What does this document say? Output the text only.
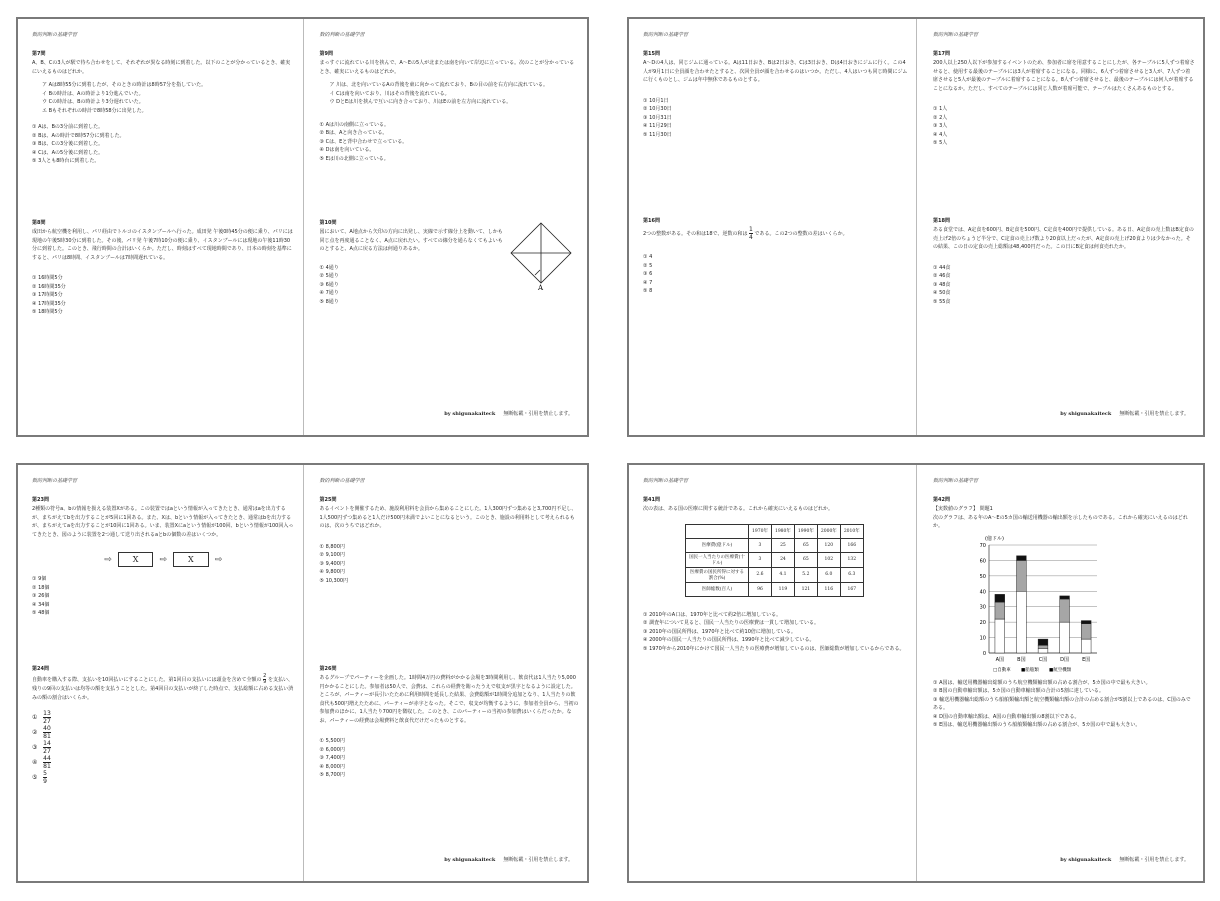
数的判断の基礎学習
第7問
A、B、Cの3人が駅で待ち合わせをして、それぞれが異なる時刻に到着した。以下のことが分かっているとき、確実にいえるものはどれか。
ア Aは8時55分に到着したが、そのときの時計は8時57分を指していた。
イ Bの時計は、Aの時計より1分進んでいた。
ウ Cの時計は、Bの時計より3分遅れていた。
エ Bもそれぞれの時計で8時58分に出発した。
① Aは、Bの3分前に到着した。
② Bは、Aの時計で8時57分に到着した。
③ Bは、Cの3分後に到着した。
④ Cは、Aの5分後に到着した。
⑤ 3人とも8時台に到着した。
第8問
成田から航空機を利用し、パリ経由でトルコのイスタンブールへ行った。成田発 午後0時45分の便に乗り、パリには現地の午後5時30分に到着した。その後、パリ発 午後7時10分の便に乗り、イスタンブールには現地の午後11時30分に到着した。このとき、飛行時間の合計はいくらか。ただし、時刻はすべて現地時間であり、日本の時刻を基準にすると、パリは8時間、イスタンブールは7時間遅れている。
① 16時間5分
② 16時間35分
③ 17時間5分
④ 17時間35分
⑤ 18時間5分
数的判断の基礎学習
第9問
まっすぐに流れている川を挟んで、A〜Eの5人が北または南を向いて岸辺に立っている。次のことが分かっているとき、確実にいえるものはどれか。
ア 川は、北を向いているAの背後を東に向かって流れており、Bの目の前を右方向に流れている。
イ Cは南を向いており、川はその背後を流れている。
ウ DとEは川を挟んで互いに向き合っており、川はEの前を左方向に流れている。
① Aは川の南側に立っている。
② Bは、Aと向き合っている。
③ Cは、Eと背中合わせで立っている。
④ Dは南を向いている。
⑤ Eは川の北側に立っている。
第10問
図において、A地点から矢印の方向に出発し、実線で示す線分上を動いて、しかも同じ点を再度通ることなく、A点に戻れたい。すべての線分を通らなくてもよいものとすると、A点に戻る方法は何通りあるか。
① 4通り
② 5通り
③ 6通り
④ 7通り
⑤ 8通り
A
by shigunakaiteck 無断転載・引用を禁止します。
数的判断の基礎学習
第15問
A〜Dの4人は、同じジムに通っている。Aは11日おき、Bは2日おき、Cは3日おき、Dは4日おきにジムに行く。この4人が9月1日に全員顔を合わせたとすると、次回全員が顔を合わせるのはいつか。ただし、4人はいつも同じ時間にジムに行くものとし、ジムは年中無休であるものとする。
① 10月1日
② 10月30日
③ 10月31日
④ 11月29日
⑤ 11月30日
第16問
2つの整数がある。その和は18で、逆数の和は $\frac{1}{4}$ である。この2つの整数の差はいくらか。
① 4
② 5
③ 6
④ 7
⑤ 8
数的判断の基礎学習
第17問
200人以上250人以下が参加するイベントのため、参加者に席を用意することにしたが、各テーブルに5人ずつ着席させると、使用する最後のテーブルには3人が着席することになる。同様に、6人ずつ着席させると3人が、7人ずつ着席させると5人が最後のテーブルに着席することになる。8人ずつ着席させると、最後のテーブルには何人が着席することになるか。ただし、すべてのテーブルには同じ人数が着席可能で、テーブルはたくさんあるものとする。
① 1人
② 2人
③ 3人
④ 4人
⑤ 5人
第18問
ある食堂では、A定食を600円、B定食を500円、C定食を400円で提供している。ある日、A定食の売上数はB定食の売上げ2倍のちょうど半分で、C定食の売上げ数より20食以上だったが、A定食の売上げ20食よりは少なかった。その結果、この日の定食の売上総額は48,400円だった。この日にB定食は何食売れたか。
① 44食
② 46食
③ 48食
④ 50食
⑤ 55食
by shigunakaiteck 無断転載・引用を禁止します。
数的判断の基礎学習
第23問
2種類の符号a、bの情報を扱える装置Xがある。この装置ではaという情報が入ってきたとき、通常はaを出力するが、まちがえてbを出力することが5回に1回ある。また、Xは、bという情報が入ってきたとき、通常はbを出力するが、まちがえてaを出力することが10回に1回ある。いま、装置Xにaという情報が100回、bという情報が100回入ってきたとき、図のように装置を2つ通して送り出されるaとbの個数の差はいくつか。
⇨	X ⇨	X ⇨
① 9個
② 18個
③ 26個
④ 34個
⑤ 48個
第24問
自動車を購入する際、支払いを10回払いにすることにした。第1回目の支払いには頭金を含めて全額の $\frac{2}{9}$ を支払い、残りの9回の支払いは均等の額を支払うこととした。第4回目の支払いが終了した時点で、支払総額に占める支払い済みの額の割合はいくらか。
① $\frac{13}{27}$
② $\frac{40}{81}$
③ $\frac{14}{27}$
④ $\frac{44}{81}$
⑤ $\frac{5}{9}$
数的判断の基礎学習
第25問
あるイベントを開催するため、施設利用料を会員から集めることにした。1人300円ずつ集めると3,700円不足し、1人500円ずつ集めると1人だけ500円未満でよいことになるという。このとき、施設の利用料として考えられるものは、次のうちではどれか。
① 8,800円
② 9,100円
③ 9,400円
④ 9,800円
⑤ 10,300円
第26問
あるグループでパーティーを企画した。1時間4万円の費料がかかる会場を3時間利用し、飲食代は1人当たり5,000円かかることにした。参加者は50人で、会費は、これらの経費を賄ったうえで収支が黒字となるように設定した。ところが、パーティーが長引いたために利用時間を延長した結果、会費総額が1時間分追加となり、1人当たりの飲食代も500円増えたために、パーティーが赤字となった。そこで、収支が均衡するように、参加者全員から、当初の参加費のほかに、1人当たり700円を徴収した。このとき、このパーティーの当初の参加費はいくらだったか。なお、パーティーの経費は会場費料と飲食代だけだったものとする。
① 5,500円
② 6,000円
③ 7,400円
④ 8,000円
⑤ 8,700円
by shigunakaiteck 無断転載・引用を禁止します。
数的判断の基礎学習
第41問
次の表は、ある国の医療に関する統計である。これから確実にいえるものはどれか。
	1970年	1980年	1990年	2000年	2010年
医療費(億ドル)	3	25	65	120	166
国民一人当たりの医療費(十ドル)	3	24	65	102	132
医療費の国民所得に対する割合(%)	2.6	4.1	5.2	6.0	6.3
医師総数(百人)	96	119	121	116	167
① 2010年のA口は、1970年と比べて約2倍に増加している。
② 調査年について見ると、国民一人当たりの医療費は一貫して増加している。
③ 2010年の国民所得は、1970年と比べて約10倍に増加している。
④ 2000年の国民一人当たりの国民所得は、1990年と比べて減少している。
⑤ 1970年から2010年にかけて国民一人当たりの医療費が増加しているのは、医師総数が増加しているからである。
数的判断の基礎学習
第42問
【実数値のグラフ】 問題1
次のグラフは、ある年のA〜Eの5カ国の輸送用機器の輸出額を示したものである。これから確実にいえるのはどれか。
(億ドル)
0
10
20
30
40
50
60
70
A国	B国	C国	D国	E国
□自動車 ■船舶類 ■航空機類
① A国は、輸送用機器輸出総額のうち航空機類輸出額の占める割合が、5カ国の中で最も大きい。
② B国の自動車輸出額は、5カ国の自動車輸出額の合計の5割に達している。
③ 輸送用機器輸出総額のうち船舶類輸出額と航空機類輸出額の合計の占める割合が5割以上であるのは、C国のみである。
④ D国の自動車輸出額は、A国の自動車輸出額の8割以下である。
⑤ E国は、輸送用機器輸出額のうち船舶類輸出額の占める割合が、5カ国の中で最も大きい。
by shigunakaiteck 無断転載・引用を禁止します。
